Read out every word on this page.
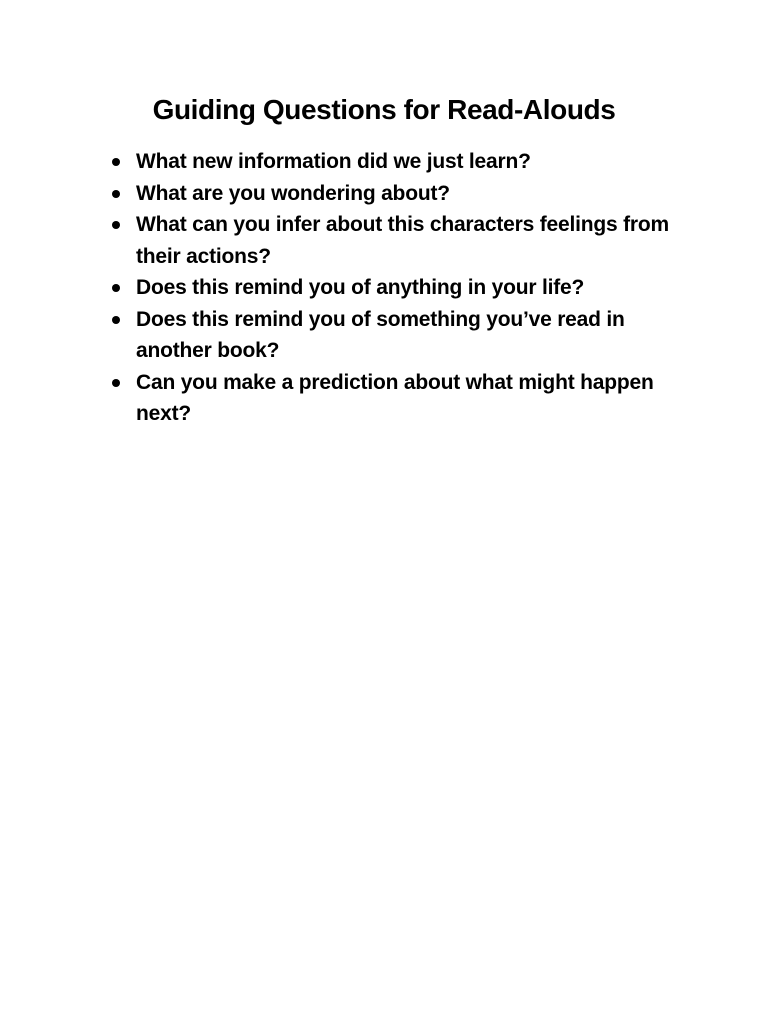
Guiding Questions for Read-Alouds
What new information did we just learn?
What are you wondering about?
What can you infer about this characters feelings from their actions?
Does this remind you of anything in your life?
Does this remind you of something you’ve read in another book?
Can you make a prediction about what might happen next?
